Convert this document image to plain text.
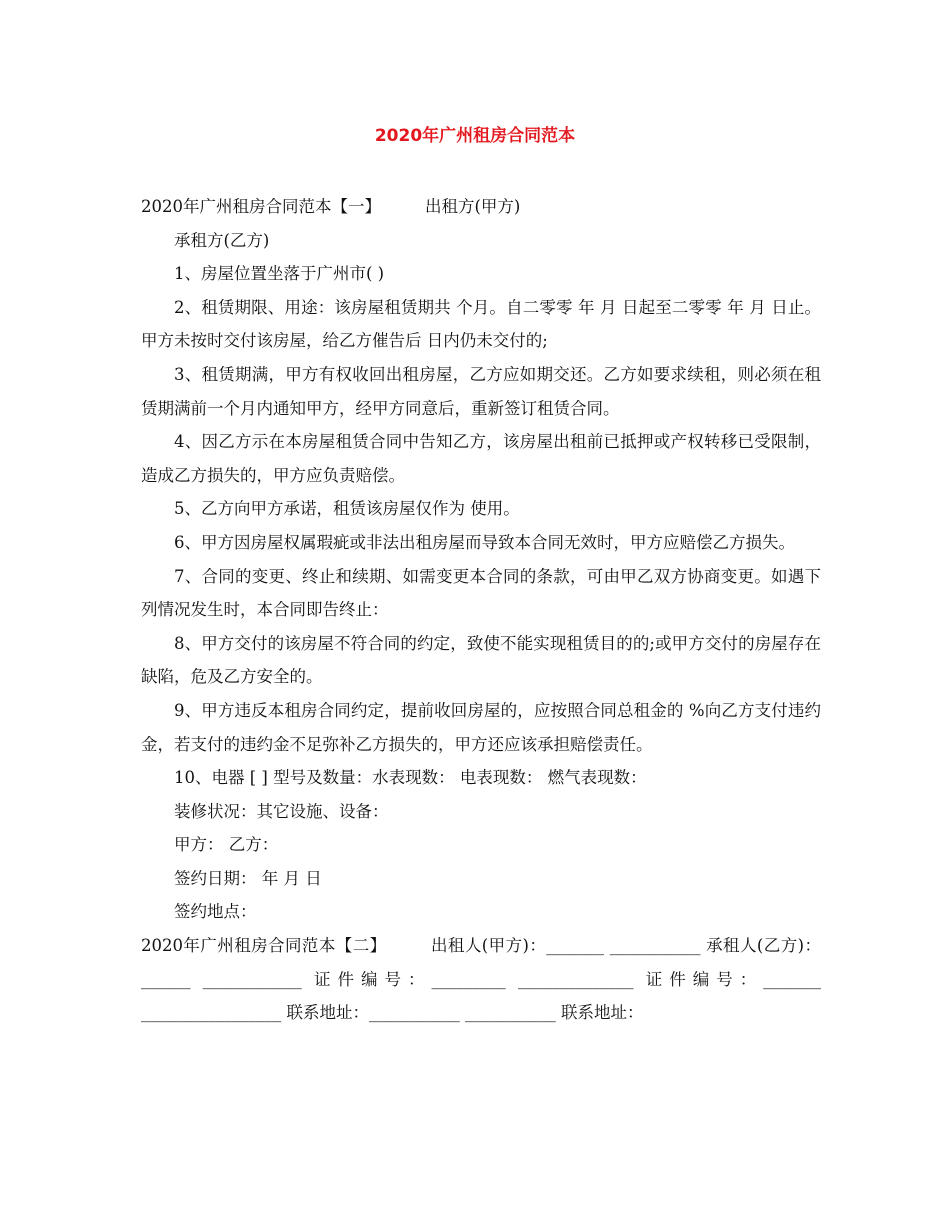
2020年广州租房合同范本

2020年广州租房合同范本【一】	出租方(甲方)

承租方(乙方)

1、房屋位置坐落于广州市( )

2、租赁期限、用途：该房屋租赁期共 个月。自二零零 年 月 日起至二零零 年 月 日止。甲方未按时交付该房屋，给乙方催告后 日内仍未交付的;

3、租赁期满，甲方有权收回出租房屋，乙方应如期交还。乙方如要求续租，则必须在租赁期满前一个月内通知甲方，经甲方同意后，重新签订租赁合同。

4、因乙方示在本房屋租赁合同中告知乙方，该房屋出租前已抵押或产权转移已受限制，造成乙方损失的，甲方应负责赔偿。

5、乙方向甲方承诺，租赁该房屋仅作为 使用。

6、甲方因房屋权属瑕疵或非法出租房屋而导致本合同无效时，甲方应赔偿乙方损失。

7、合同的变更、终止和续期、如需变更本合同的条款，可由甲乙双方协商变更。如遇下列情况发生时，本合同即告终止：

8、甲方交付的该房屋不符合同的约定，致使不能实现租赁目的的;或甲方交付的房屋存在缺陷，危及乙方安全的。

9、甲方违反本租房合同约定，提前收回房屋的，应按照合同总租金的 %向乙方支付违约金，若支付的违约金不足弥补乙方损失的，甲方还应该承担赔偿责任。

10、电器 [ ] 型号及数量：水表现数： 电表现数： 燃气表现数：

装修状况：其它设施、设备：

甲方： 乙方：

签约日期： 年 月 日

签约地点：

2020年广州租房合同范本【二】	出租人(甲方)：_______ ___________ 承租人(乙方)：______ ____________ 证件编号：_________ ______________ 证件编号：_______ _________________ 联系地址：___________ ___________ 联系地址：
